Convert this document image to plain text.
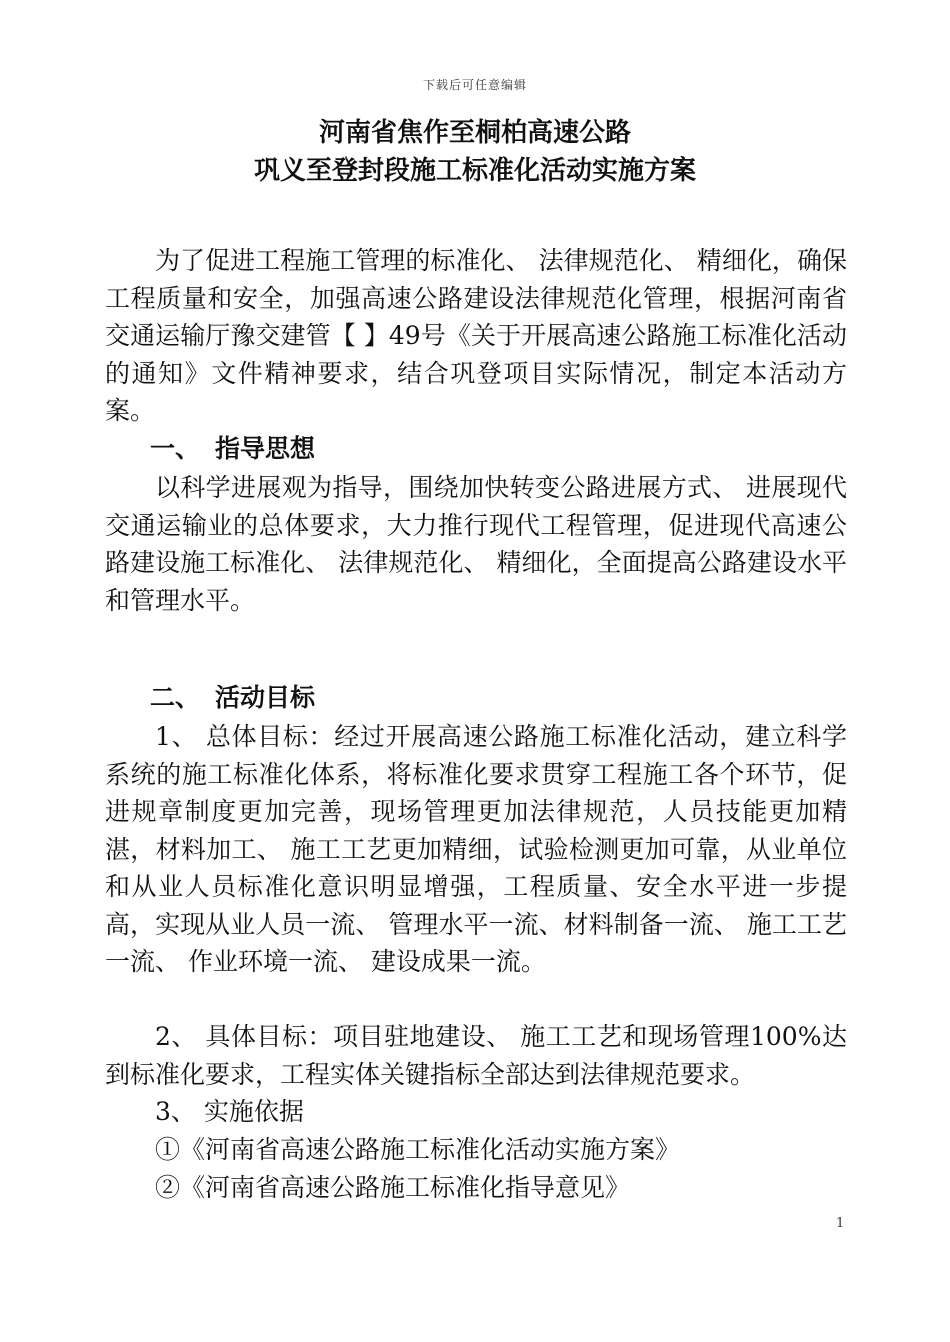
下载后可任意编辑
河南省焦作至桐柏高速公路
巩义至登封段施工标准化活动实施方案
为了促进工程施工管理的标准化、 法律规范化、 精细化，确保工程质量和安全，加强高速公路建设法律规范化管理，根据河南省交通运输厅豫交建管【 】49号《关于开展高速公路施工标准化活动的通知》文件精神要求，结合巩登项目实际情况，制定本活动方案。
一、 指导思想
以科学进展观为指导，围绕加快转变公路进展方式、 进展现代交通运输业的总体要求，大力推行现代工程管理，促进现代高速公路建设施工标准化、 法律规范化、 精细化，全面提高公路建设水平和管理水平。
二、 活动目标
1、 总体目标：经过开展高速公路施工标准化活动，建立科学系统的施工标准化体系，将标准化要求贯穿工程施工各个环节，促进规章制度更加完善，现场管理更加法律规范，人员技能更加精湛，材料加工、 施工工艺更加精细，试验检测更加可靠，从业单位和从业人员标准化意识明显增强，工程质量、安全水平进一步提高，实现从业人员一流、 管理水平一流、材料制备一流、 施工工艺一流、 作业环境一流、 建设成果一流。
2、 具体目标：项目驻地建设、 施工工艺和现场管理100%达到标准化要求，工程实体关键指标全部达到法律规范要求。
3、 实施依据
①《河南省高速公路施工标准化活动实施方案》
②《河南省高速公路施工标准化指导意见》
1
